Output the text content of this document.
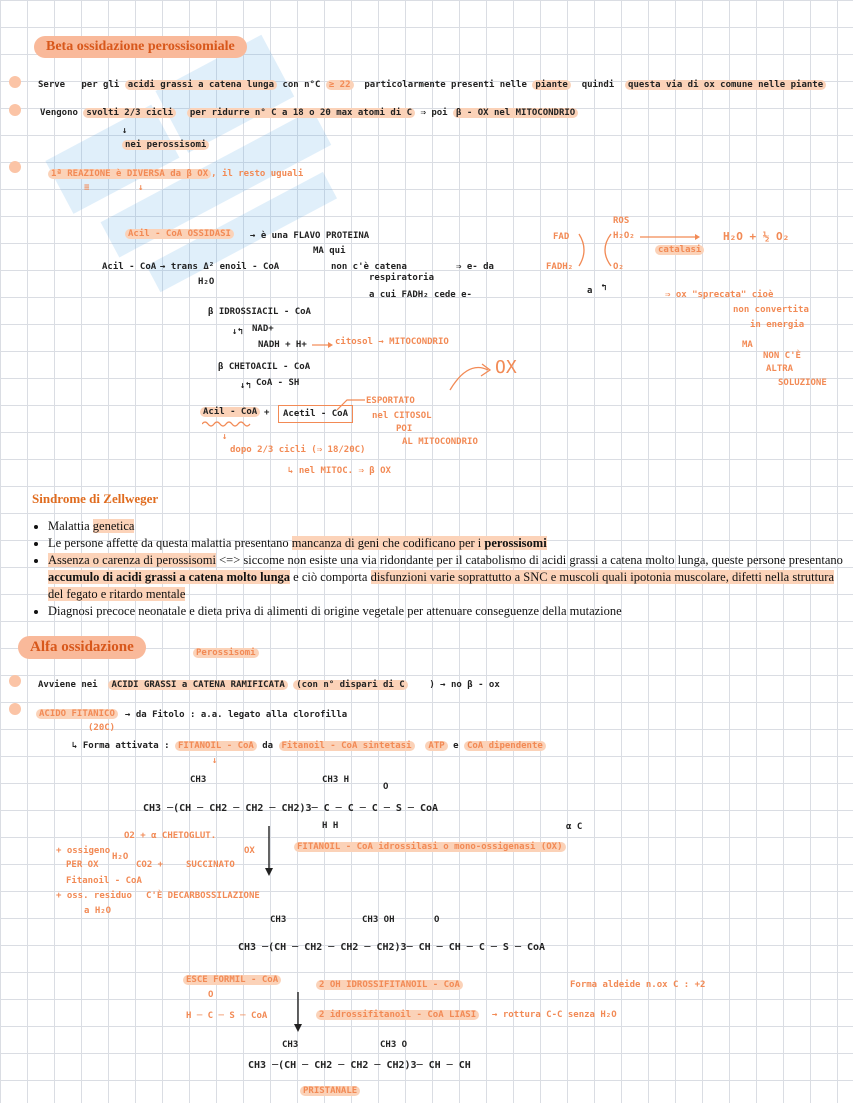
Beta ossidazione perossisomiale
Serve per gli acidi grassi a catena lunga con n°C ≥ 22 particolarmente presenti nelle piante quindi questa via di ox comune nelle piante
Vengono svolti 2/3 cicli per ridurre n° C a 18 o 20 max atomi di C ⇒ poi β - OX nel MITOCONDRIO
↓
nei perossisomi
1ª REAZIONE è DIVERSA da β OX , il resto uguali
≡         ↓
Acil - CoA OSSIDASI	→ è una FLAVO PROTEINA
MA qui
non c'è catena
respiratoria
a cui FADH₂ cede e-
Acil - CoA → trans Δ² enoil - CoA
H₂O
⇒ e- da
FAD
FADH₂
ROS
H₂O₂
O₂
a ↰
catalasi
H₂O + ½ O₂
⇒ ox "sprecata" cioè
non convertita
in energia
MA
NON C'È
ALTRA
SOLUZIONE
β IDROSSIACIL - CoA
↓↰ NAD+
NADH + H+	citosol → MITOCONDRIO
β CHETOACIL - CoA
↓↰ CoA - SH
Acil - CoA +	Acetil - CoA
OX
ESPORTATO
nel CITOSOL
POI
AL MITOCONDRIO
↓
dopo 2/3 cicli (⇒ 18/20C)
↳ nel MITOC. ⇒ β OX
Sindrome di Zellweger
• Malattia genetica
• Le persone affette da questa malattia presentano mancanza di geni che codificano per i perossisomi
• Assenza o carenza di perossisomi <=> siccome non esiste una via ridondante per il catabolismo di acidi grassi a catena molto lunga, queste persone presentano accumulo di acidi grassi a catena molto lunga e ciò comporta disfunzioni varie soprattutto a SNC e muscoli quali ipotonia muscolare, difetti nella struttura del fegato e ritardo mentale
• Diagnosi precoce neonatale e dieta priva di alimenti di origine vegetale per attenuare conseguenze della mutazione
Alfa ossidazione	Perossisomi
Avviene nei ACIDI GRASSI a CATENA RAMIFICATA (con n° dispari di C	) → no β - ox
ACIDO FITANICO	→ da Fitolo : a.a. legato alla clorofilla
(20C)
↳ Forma attivata : FITANOIL - CoA da Fitanoil - CoA sintetasi ATP e CoA dipendente
↓
CH3	CH3 H
O
CH3 ─(CH ─ CH2 ─ CH2 ─ CH2)3─ C ─ C ─ C ─ S ─ CoA
H H	α C
O2 + α CHETOGLUT.
OX	FITANOIL - CoA idrossilasi o mono-ossigenasi (OX)
CO2 +	SUCCINATO
H₂O
+ ossigeno
PER OX
Fitanoil - CoA
+ oss. residuo
a H₂O
C'È DECARBOSSILAZIONE
CH3	CH3 OH	O
CH3 ─(CH ─ CH2 ─ CH2 ─ CH2)3─ CH ─ CH ─ C ─ S ─ CoA
ESCE FORMIL - CoA
O
H ─ C ─ S ─ CoA
2 OH IDROSSIFITANOIL - CoA
2 idrossifitanoil - CoA LIASI	→ rottura C-C senza H₂O
Forma aldeide n.ox C : +2
CH3	CH3 O
CH3 ─(CH ─ CH2 ─ CH2 ─ CH2)3─ CH ─ CH
PRISTANALE
